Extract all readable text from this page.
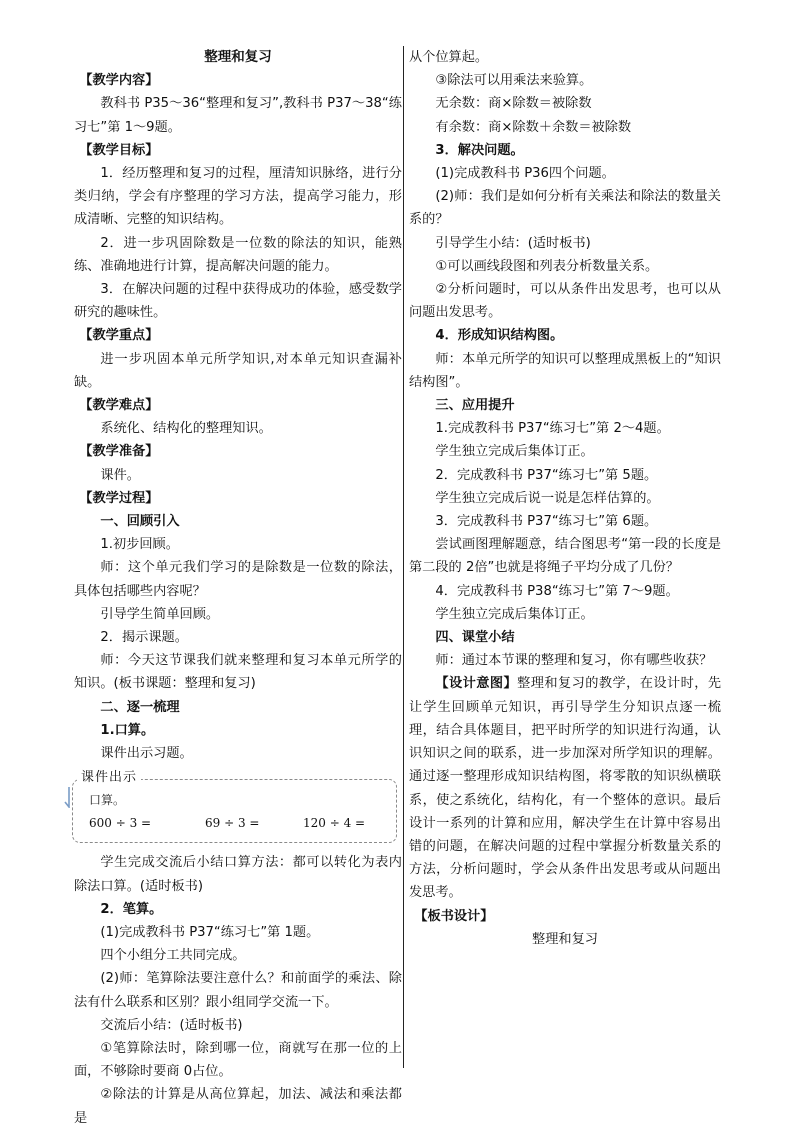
整理和复习

【教学内容】

教科书 P35～36“整理和复习”,教科书 P37～38“练习七”第 1～9题。

【教学目标】

1．经历整理和复习的过程，厘清知识脉络，进行分类归纳，学会有序整理的学习方法，提高学习能力，形成清晰、完整的知识结构。

2．进一步巩固除数是一位数的除法的知识，能熟练、准确地进行计算，提高解决问题的能力。

3．在解决问题的过程中获得成功的体验，感受数学研究的趣味性。

【教学重点】

进一步巩固本单元所学知识,对本单元知识查漏补缺。

【教学难点】

系统化、结构化的整理知识。

【教学准备】

课件。

【教学过程】

一、回顾引入

1.初步回顾。

师：这个单元我们学习的是除数是一位数的除法，具体包括哪些内容呢？

引导学生简单回顾。

2．揭示课题。

师：今天这节课我们就来整理和复习本单元所学的知识。(板书课题：整理和复习)

二、逐一梳理

1.口算。

课件出示习题。

课件出示
口算。
600 ÷ 3 =	69 ÷ 3 =	120 ÷ 4 =

学生完成交流后小结口算方法：都可以转化为表内除法口算。(适时板书)

2．笔算。

(1)完成教科书 P37“练习七”第 1题。

四个小组分工共同完成。

(2)师：笔算除法要注意什么？和前面学的乘法、除法有什么联系和区别？跟小组同学交流一下。

交流后小结：(适时板书)

①笔算除法时，除到哪一位，商就写在那一位的上面，不够除时要商 0占位。

②除法的计算是从高位算起，加法、减法和乘法都是

从个位算起。

③除法可以用乘法来验算。

无余数：商×除数＝被除数

有余数：商×除数＋余数＝被除数

3．解决问题。

(1)完成教科书 P36四个问题。

(2)师：我们是如何分析有关乘法和除法的数量关系的？

引导学生小结：(适时板书)

①可以画线段图和列表分析数量关系。

②分析问题时，可以从条件出发思考，也可以从问题出发思考。

4．形成知识结构图。

师：本单元所学的知识可以整理成黑板上的“知识结构图”。

三、应用提升

1.完成教科书 P37“练习七”第 2～4题。

学生独立完成后集体订正。

2．完成教科书 P37“练习七”第 5题。

学生独立完成后说一说是怎样估算的。

3．完成教科书 P37“练习七”第 6题。

尝试画图理解题意，结合图思考“第一段的长度是第二段的 2倍”也就是将绳子平均分成了几份？

4．完成教科书 P38“练习七”第 7～9题。

学生独立完成后集体订正。

四、课堂小结

师：通过本节课的整理和复习，你有哪些收获？

【设计意图】整理和复习的教学，在设计时，先让学生回顾单元知识，再引导学生分知识点逐一梳理，结合具体题目，把平时所学的知识进行沟通，认识知识之间的联系，进一步加深对所学知识的理解。通过逐一整理形成知识结构图，将零散的知识纵横联系，使之系统化，结构化，有一个整体的意识。最后设计一系列的计算和应用，解决学生在计算中容易出错的问题，在解决问题的过程中掌握分析数量关系的方法，分析问题时，学会从条件出发思考或从问题出发思考。

【板书设计】

整理和复习
